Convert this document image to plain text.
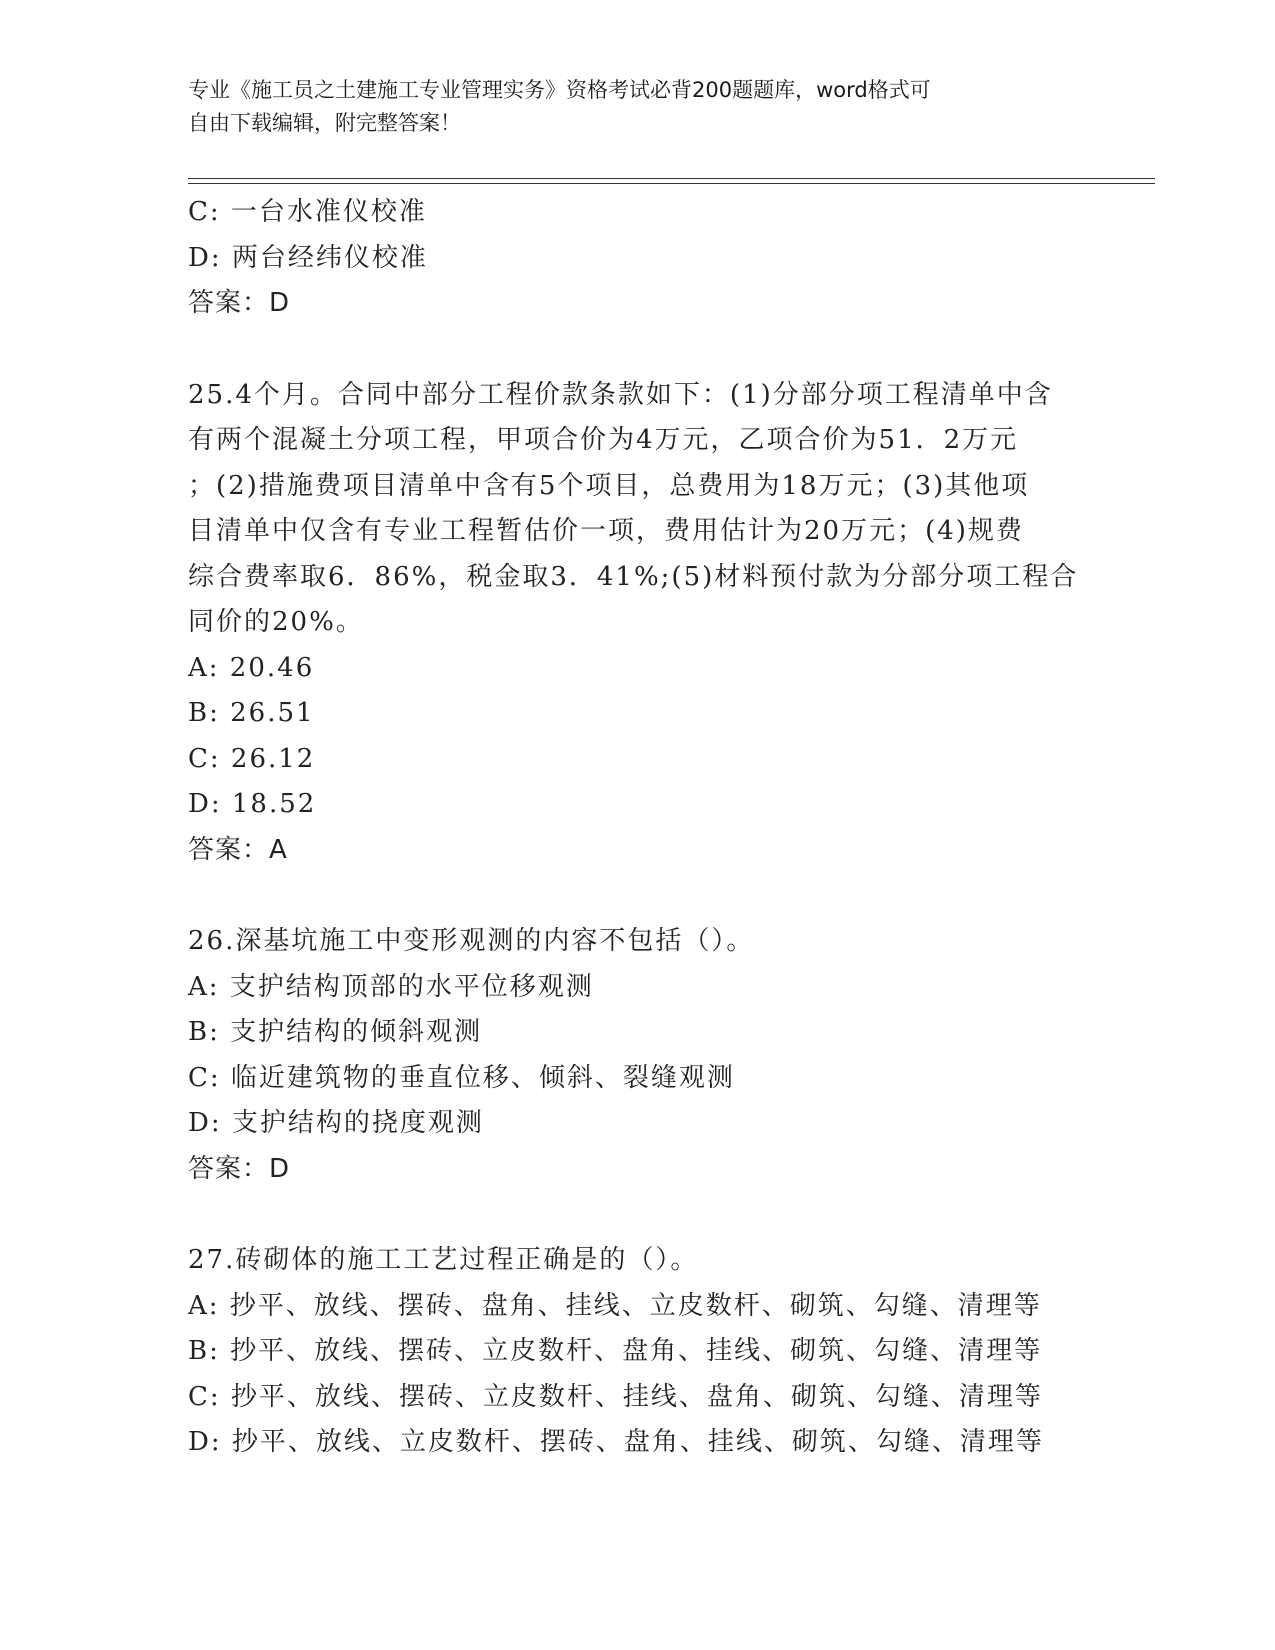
专业《施工员之土建施工专业管理实务》资格考试必背200题题库，word格式可
自由下载编辑，附完整答案！
C: 一台水准仪校准
D: 两台经纬仪校准
答案：D
25.4个月。合同中部分工程价款条款如下：(1)分部分项工程清单中含
有两个混凝土分项工程，甲项合价为4万元，乙项合价为51．2万元
；(2)措施费项目清单中含有5个项目，总费用为18万元；(3)其他项
目清单中仅含有专业工程暂估价一项，费用估计为20万元；(4)规费
综合费率取6．86%，税金取3．41%;(5)材料预付款为分部分项工程合
同价的20%。
A: 20.46
B: 26.51
C: 26.12
D: 18.52
答案：A
26.深基坑施工中变形观测的内容不包括（）。
A: 支护结构顶部的水平位移观测
B: 支护结构的倾斜观测
C: 临近建筑物的垂直位移、倾斜、裂缝观测
D: 支护结构的挠度观测
答案：D
27.砖砌体的施工工艺过程正确是的（）。
A: 抄平、放线、摆砖、盘角、挂线、立皮数杆、砌筑、勾缝、清理等
B: 抄平、放线、摆砖、立皮数杆、盘角、挂线、砌筑、勾缝、清理等
C: 抄平、放线、摆砖、立皮数杆、挂线、盘角、砌筑、勾缝、清理等
D: 抄平、放线、立皮数杆、摆砖、盘角、挂线、砌筑、勾缝、清理等
